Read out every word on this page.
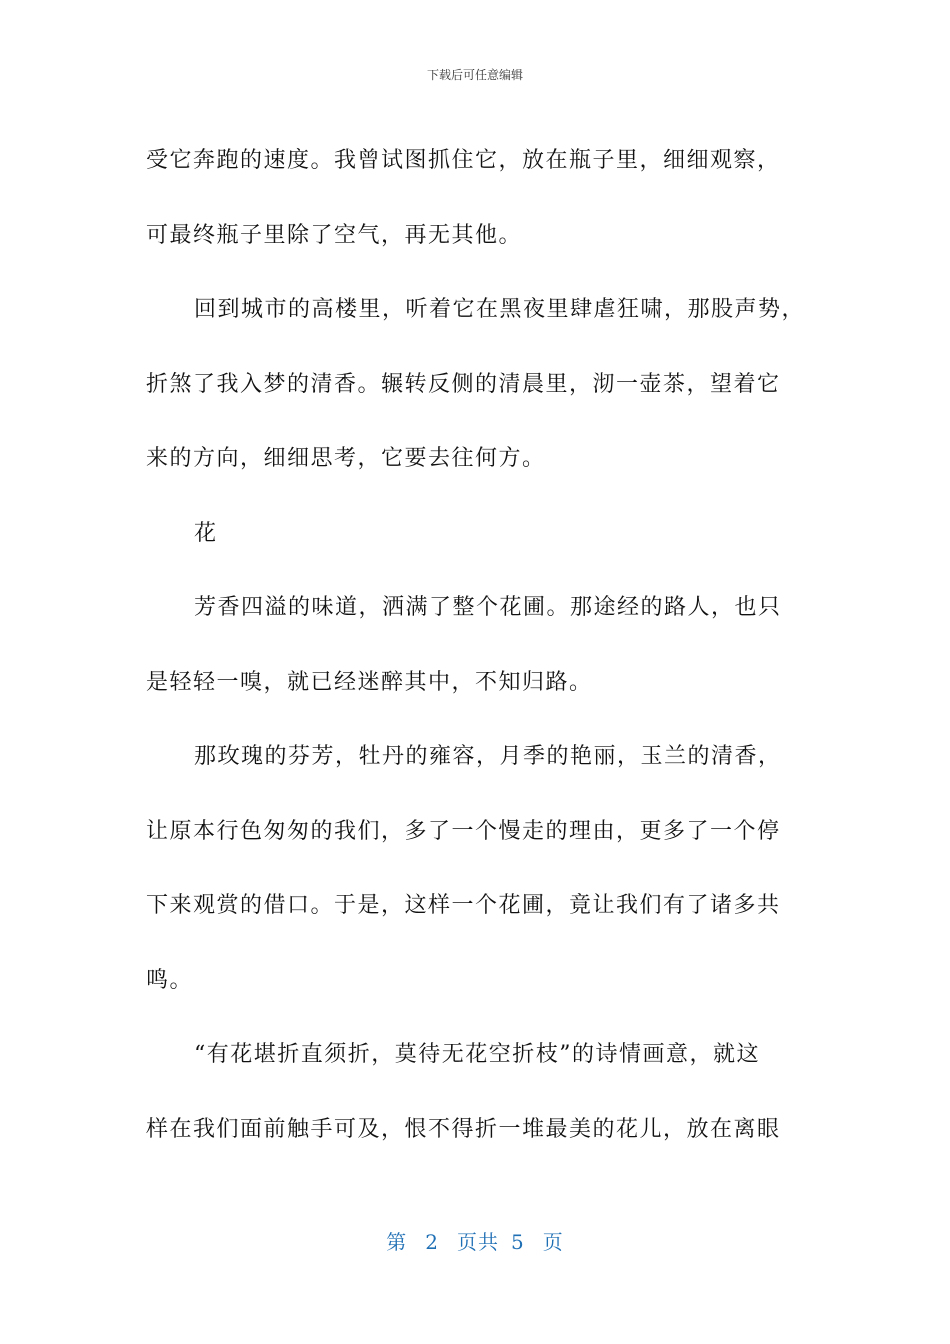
下载后可任意编辑
受它奔跑的速度。我曾试图抓住它，放在瓶子里，细细观察，
可最终瓶子里除了空气，再无其他。
回到城市的高楼里，听着它在黑夜里肆虐狂啸，那股声势，
折煞了我入梦的清香。辗转反侧的清晨里，沏一壶茶，望着它
来的方向，细细思考，它要去往何方。
花
芳香四溢的味道，洒满了整个花圃。那途经的路人，也只
是轻轻一嗅，就已经迷醉其中，不知归路。
那玫瑰的芬芳，牡丹的雍容，月季的艳丽，玉兰的清香，
让原本行色匆匆的我们，多了一个慢走的理由，更多了一个停
下来观赏的借口。于是，这样一个花圃，竟让我们有了诸多共
鸣。
“有花堪折直须折，莫待无花空折枝”的诗情画意，就这
样在我们面前触手可及，恨不得折一堆最美的花儿，放在离眼
第 2 页共 5 页
